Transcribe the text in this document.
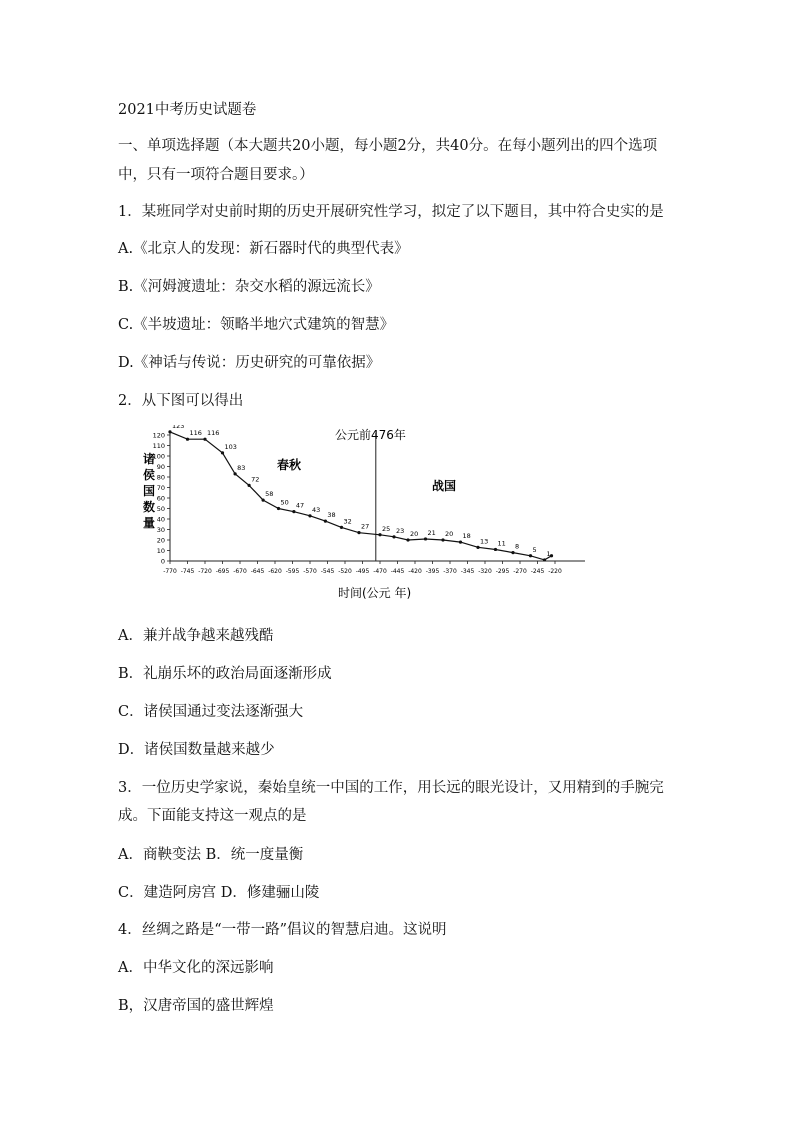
2021中考历史试题卷
一、单项选择题（本大题共20小题，每小题2分，共40分。在每小题列出的四个选项
中，只有一项符合题目要求。）
1．某班同学对史前时期的历史开展研究性学习，拟定了以下题目，其中符合史实的是
A.《北京人的发现：新石器时代的典型代表》
B.《河姆渡遗址：杂交水稻的源远流长》
C.《半坡遗址：领略半地穴式建筑的智慧》
D.《神话与传说：历史研究的可靠依据》
2．从下图可以得出
诸
侯
国
数
量
0
10
20
30
40
50
60
70
80
90
100
110
120
-770 -745 -720 -695 -670 -645 -620 -595 -570 -545 -520 -495 -470 -445 -420 -395 -370 -345 -320 -295 -270 -245 -220
123
116 116
103
83
72
58
50 47
43
38
32
27 25 23 20 21 20 18
13 11 8 5
1
公元前476年
春秋
战国
时间(公元 年)
A．兼并战争越来越残酷
B．礼崩乐坏的政治局面逐渐形成
C．诸侯国通过变法逐渐强大
D．诸侯国数量越来越少
3．一位历史学家说，秦始皇统一中国的工作，用长远的眼光设计，又用精到的手腕完
成。下面能支持这一观点的是
A．商鞅变法 B．统一度量衡
C．建造阿房宫 D．修建骊山陵
4．丝绸之路是“一带一路”倡议的智慧启迪。这说明
A．中华文化的深远影响
B，汉唐帝国的盛世辉煌
